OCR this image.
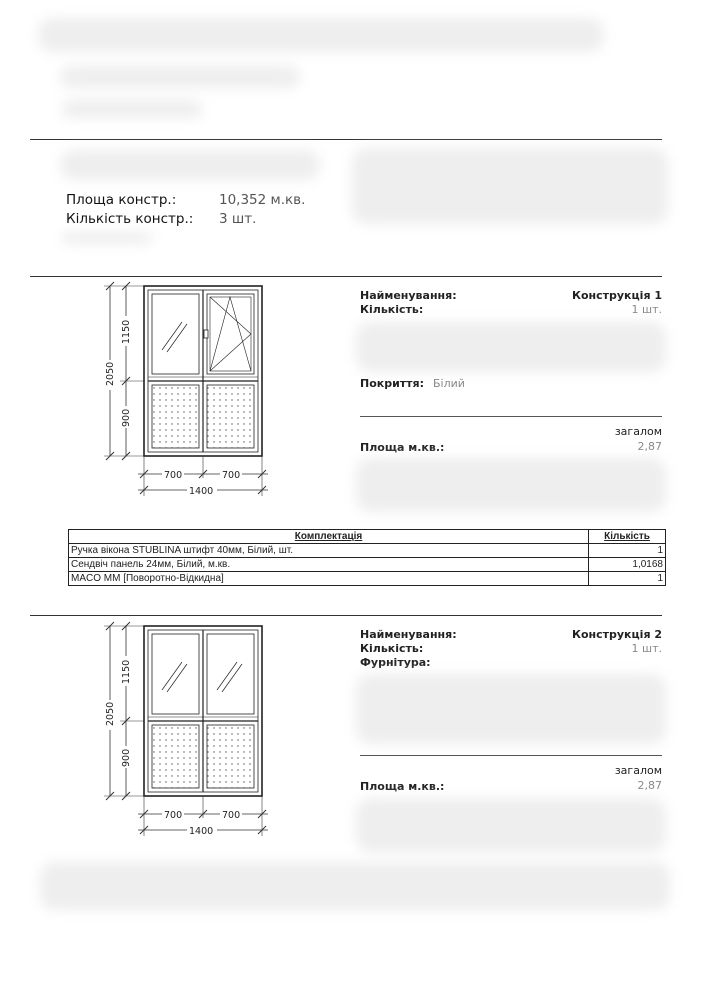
Площа констр.:	10,352 м.кв.
Кількість констр.: 3 шт.
2050
1150
900
700	700
1400
Найменування:	Конструкція 1
Кількість:	1 шт.
Покриття: Білий
загалом
Площа м.кв.:	2,87
Комплектація	Кількість
Ручка вікона STUBLINA штифт 40мм, Білий, шт.	1
Сендвіч панель 24мм, Білий, м.кв.	1,0168
MACO MM [Поворотно-Відкидна]	1
2050
1150
900
700	700
1400
Найменування:	Конструкція 2
Кількість:	1 шт.
Фурнітура:
загалом
Площа м.кв.:	2,87
